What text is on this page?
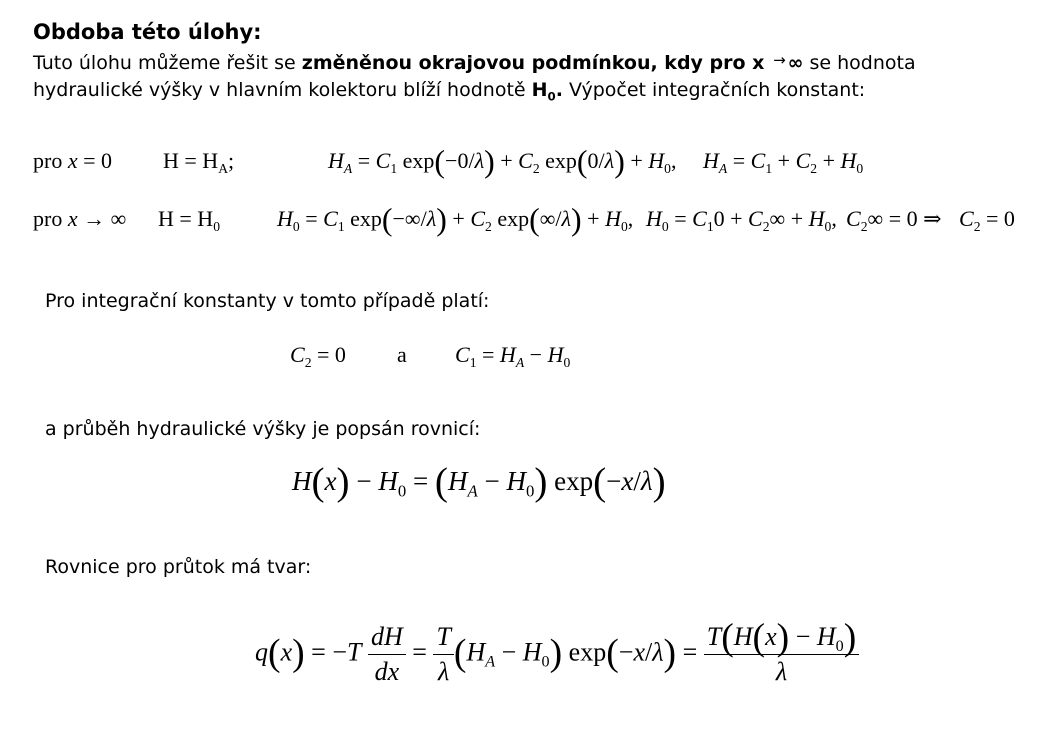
Obdoba této úlohy:
Tuto úlohu můžeme řešit se změněnou okrajovou podmínkou, kdy pro x → ∞ se hodnota
hydraulické výšky v hlavním kolektoru blíží hodnotě $H_0$. Výpočet integračních konstant:
pro x = 0 $H = H_A$;	$H_A = C_1$ $\exp(-0/\lambda) + C_2$ $\exp(0/\lambda) + H_0$, $H_A = C_1 + C_2 + H_0$
pro x → ∞ $H = H_0$	$H_0 = C_1$ $\exp(-\infty/\lambda) + C_2$ $\exp(\infty/\lambda) + H_0$, $H_0 = C_10 + C_2\infty + H_0$, $C_2\infty = 0$ ⇒ $C_2 = 0$
Pro integrační konstanty v tomto případě platí:
$C_2 = 0$ a $C_1 = H_A - H_0$
a průběh hydraulické výšky je popsán rovnicí:
$H(x) - H_0 = (H_A - H_0)$ exp(−x/λ)
Rovnice pro průtok má tvar:
$q(x) = -T \frac{dH}{dx} = \frac{T}{\lambda} (H_A - H_0) \exp(-x/\lambda) = \frac{T(H(x) - H_0)}{\lambda}$
